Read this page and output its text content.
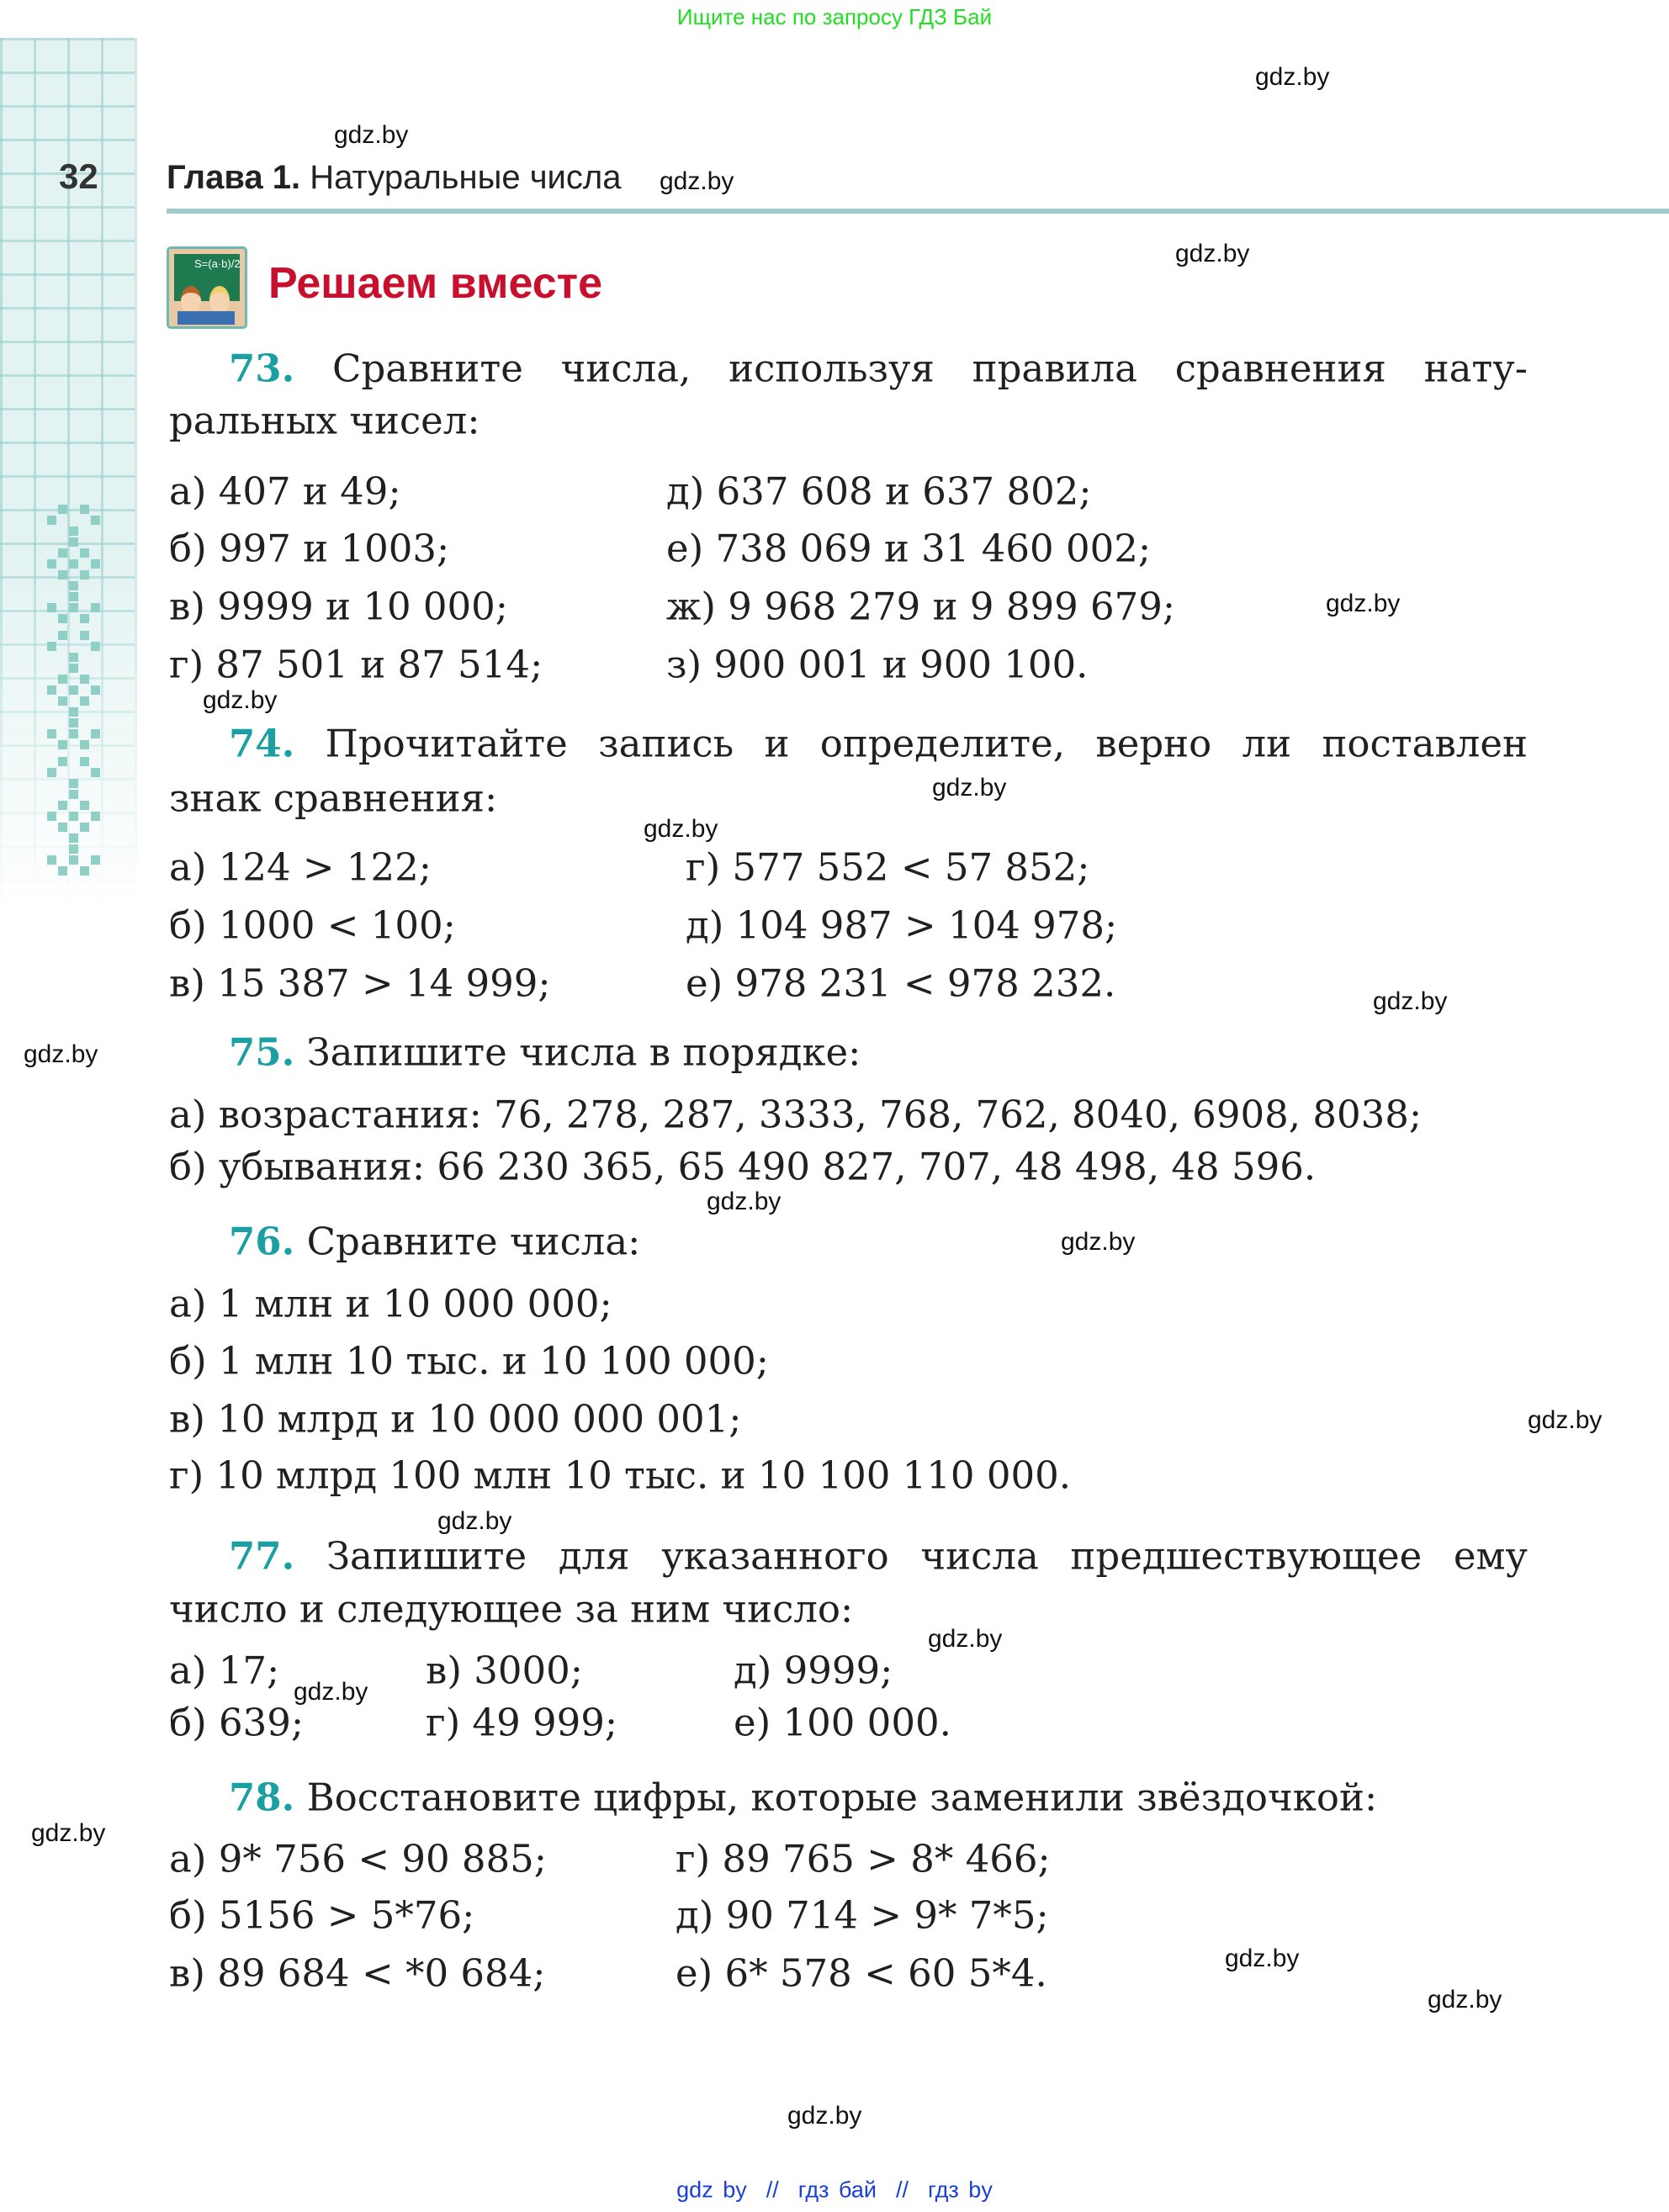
Ищите нас по запросу ГДЗ Бай
32 Глава 1. Натуральные числа
S=(a·b)/2 Решаем вместе
73. Сравните числа, используя правила сравнения нату-
ральных чисел:
а) 407 и 49;
б) 997 и 1003;
в) 9999 и 10 000;
г) 87 501 и 87 514;
д) 637 608 и 637 802;
е) 738 069 и 31 460 002;
ж) 9 968 279 и 9 899 679;
з) 900 001 и 900 100.
74. Прочитайте запись и определите, верно ли поставлен
знак сравнения:
а) 124 > 122;
б) 1000 < 100;
в) 15 387 > 14 999;
г) 577 552 < 57 852;
д) 104 987 > 104 978;
е) 978 231 < 978 232.
75. Запишите числа в порядке:
а) возрастания: 76, 278, 287, 3333, 768, 762, 8040, 6908, 8038;
б) убывания: 66 230 365, 65 490 827, 707, 48 498, 48 596.
76. Сравните числа:
а) 1 млн и 10 000 000;
б) 1 млн 10 тыс. и 10 100 000;
в) 10 млрд и 10 000 000 001;
г) 10 млрд 100 млн 10 тыс. и 10 100 110 000.
77. Запишите для указанного числа предшествующее ему
число и следующее за ним число:
а) 17;
б) 639;
в) 3000;
г) 49 999;
д) 9999;
е) 100 000.
78. Восстановите цифры, которые заменили звёздочкой:
а) 9* 756 < 90 885;
б) 5156 > 5*76;
в) 89 684 < *0 684;
г) 89 765 > 8* 466;
д) 90 714 > 9* 7*5;
е) 6* 578 < 60 5*4.
gdz.by
gdz.by
gdz.by
gdz.by
gdz.by
gdz.by
gdz.by
gdz.by
gdz.by
gdz.by
gdz.by
gdz.by
gdz.by
gdz.by
gdz.by
gdz.by
gdz.by
gdz.by
gdz.by
gdz.by
gdz by // гдз бай // гдз by
